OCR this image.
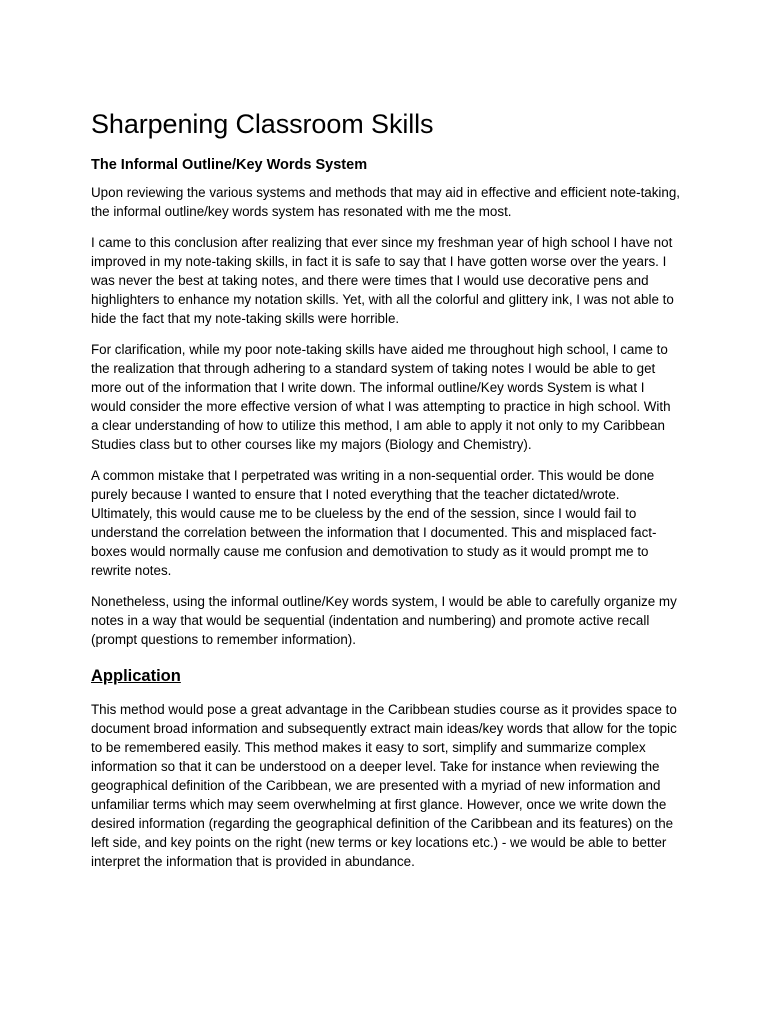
Sharpening Classroom Skills
The Informal Outline/Key Words System

Upon reviewing the various systems and methods that may aid in effective and efficient note-taking, the informal outline/key words system has resonated with me the most.

I came to this conclusion after realizing that ever since my freshman year of high school I have not improved in my note-taking skills, in fact it is safe to say that I have gotten worse over the years. I was never the best at taking notes, and there were times that I would use decorative pens and highlighters to enhance my notation skills. Yet, with all the colorful and glittery ink, I was not able to hide the fact that my note-taking skills were horrible.

For clarification, while my poor note-taking skills have aided me throughout high school, I came to the realization that through adhering to a standard system of taking notes I would be able to get more out of the information that I write down. The informal outline/Key words System is what I would consider the more effective version of what I was attempting to practice in high school. With a clear understanding of how to utilize this method, I am able to apply it not only to my Caribbean Studies class but to other courses like my majors (Biology and Chemistry).

A common mistake that I perpetrated was writing in a non-sequential order. This would be done purely because I wanted to ensure that I noted everything that the teacher dictated/wrote. Ultimately, this would cause me to be clueless by the end of the session, since I would fail to understand the correlation between the information that I documented. This and misplaced fact-boxes would normally cause me confusion and demotivation to study as it would prompt me to rewrite notes.

Nonetheless, using the informal outline/Key words system, I would be able to carefully organize my notes in a way that would be sequential (indentation and numbering) and promote active recall (prompt questions to remember information).

Application

This method would pose a great advantage in the Caribbean studies course as it provides space to document broad information and subsequently extract main ideas/key words that allow for the topic to be remembered easily. This method makes it easy to sort, simplify and summarize complex information so that it can be understood on a deeper level. Take for instance when reviewing the geographical definition of the Caribbean, we are presented with a myriad of new information and unfamiliar terms which may seem overwhelming at first glance. However, once we write down the desired information (regarding the geographical definition of the Caribbean and its features) on the left side, and key points on the right (new terms or key locations etc.) - we would be able to better interpret the information that is provided in abundance.
